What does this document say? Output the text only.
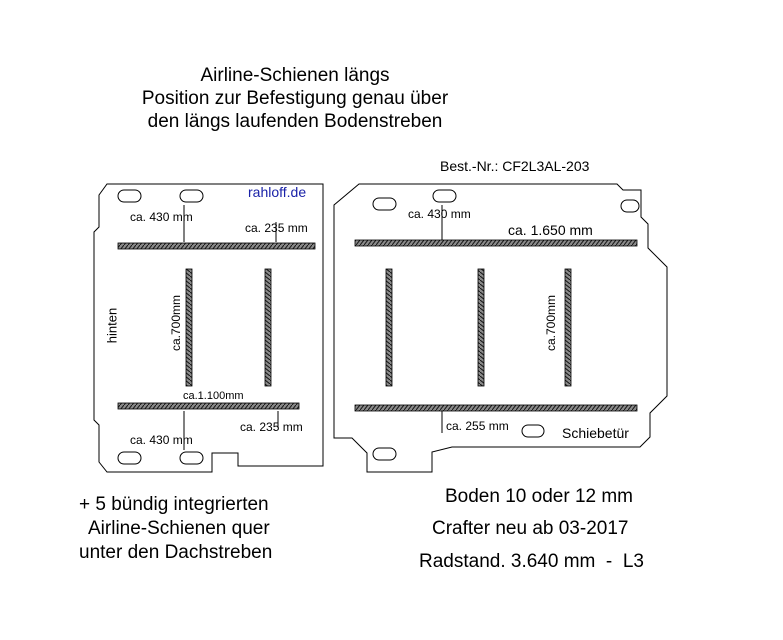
Airline-Schienen längs
Position zur Befestigung genau über
den längs laufenden Bodenstreben
Best.-Nr.: CF2L3AL-203
rahloff.de
ca. 430 mm
ca. 235 mm
hinten	ca.700mm
ca.1.100mm
ca. 430 mm
ca. 235 mm
ca. 430 mm
ca. 1.650 mm
ca.700mm
ca. 255 mm	Schiebetür
+ 5 bündig integrierten
Airline-Schienen quer
unter den Dachstreben
Boden 10 oder 12 mm
Crafter neu ab 03-2017
Radstand. 3.640 mm  -  L3
